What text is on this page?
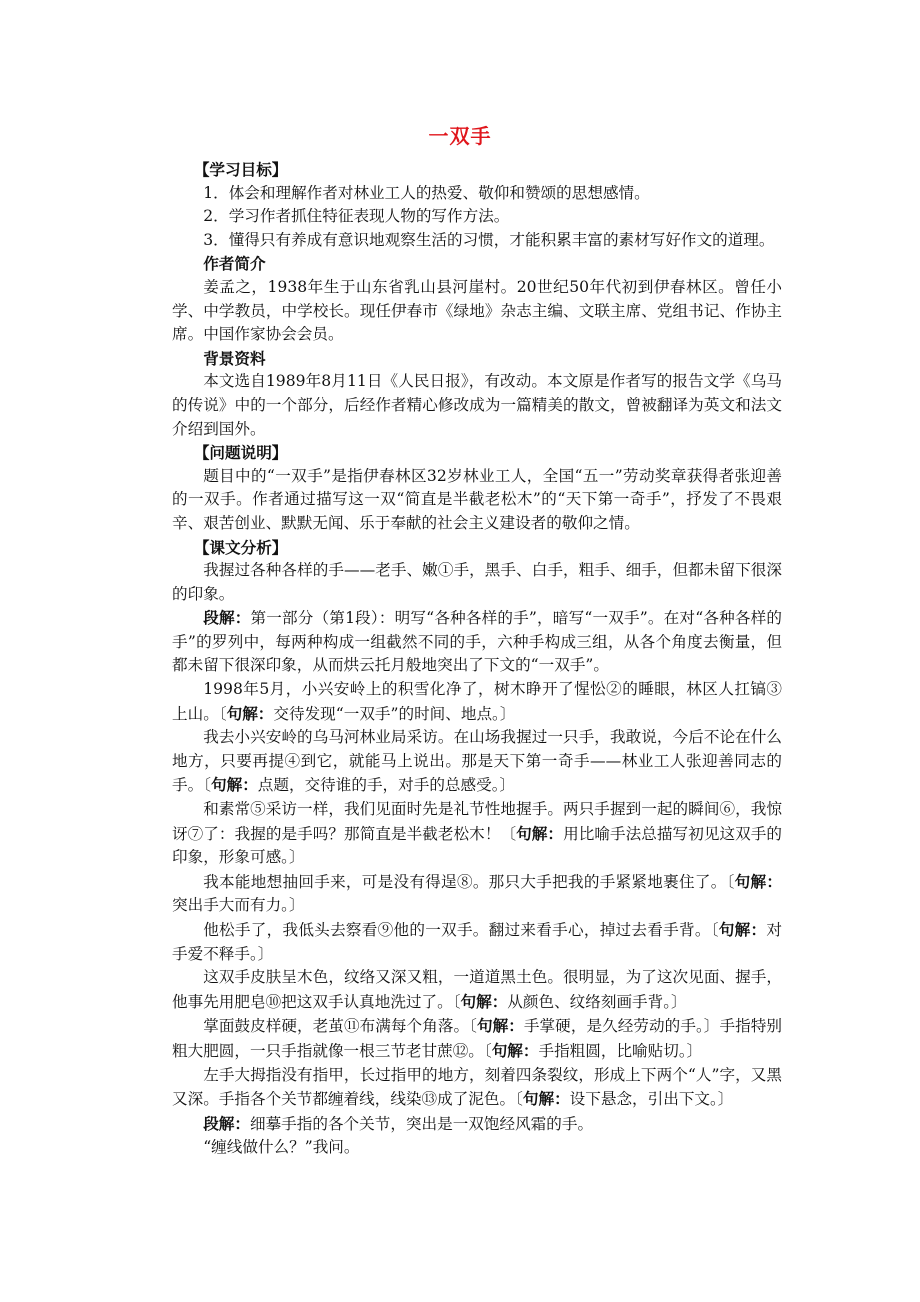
一双手

【学习目标】

1．体会和理解作者对林业工人的热爱、敬仰和赞颂的思想感情。

2．学习作者抓住特征表现人物的写作方法。

3．懂得只有养成有意识地观察生活的习惯，才能积累丰富的素材写好作文的道理。

作者简介

姜孟之，1938年生于山东省乳山县河崖村。20世纪50年代初到伊春林区。曾任小学、中学教员，中学校长。现任伊春市《绿地》杂志主编、文联主席、党组书记、作协主席。中国作家协会会员。

背景资料

本文选自1989年8月11日《人民日报》，有改动。本文原是作者写的报告文学《乌马的传说》中的一个部分，后经作者精心修改成为一篇精美的散文，曾被翻译为英文和法文介绍到国外。

【问题说明】

题目中的“一双手”是指伊春林区32岁林业工人，全国“五一”劳动奖章获得者张迎善的一双手。作者通过描写这一双“简直是半截老松木”的“天下第一奇手”，抒发了不畏艰辛、艰苦创业、默默无闻、乐于奉献的社会主义建设者的敬仰之情。

【课文分析】

我握过各种各样的手——老手、嫩①手，黑手、白手，粗手、细手，但都未留下很深的印象。

段解：第一部分（第1段）：明写“各种各样的手”，暗写“一双手”。在对“各种各样的手”的罗列中，每两种构成一组截然不同的手，六种手构成三组，从各个角度去衡量，但都未留下很深印象，从而烘云托月般地突出了下文的“一双手”。

1998年5月，小兴安岭上的积雪化净了，树木睁开了惺忪②的睡眼，林区人扛镐③上山。〔句解：交待发现“一双手”的时间、地点。〕

我去小兴安岭的乌马河林业局采访。在山场我握过一只手，我敢说，今后不论在什么地方，只要再提④到它，就能马上说出。那是天下第一奇手——林业工人张迎善同志的手。〔句解：点题，交待谁的手，对手的总感受。〕

和素常⑤采访一样，我们见面时先是礼节性地握手。两只手握到一起的瞬间⑥，我惊讶⑦了：我握的是手吗？那简直是半截老松木！〔句解：用比喻手法总描写初见这双手的印象，形象可感。〕

我本能地想抽回手来，可是没有得逞⑧。那只大手把我的手紧紧地裹住了。〔句解：突出手大而有力。〕

他松手了，我低头去察看⑨他的一双手。翻过来看手心，掉过去看手背。〔句解：对手爱不释手。〕

这双手皮肤呈木色，纹络又深又粗，一道道黑土色。很明显，为了这次见面、握手，他事先用肥皂⑩把这双手认真地洗过了。〔句解：从颜色、纹络刻画手背。〕

掌面鼓皮样硬，老茧⑪布满每个角落。〔句解：手掌硬，是久经劳动的手。〕手指特别粗大肥圆，一只手指就像一根三节老甘蔗⑫。〔句解：手指粗圆，比喻贴切。〕

左手大拇指没有指甲，长过指甲的地方，刻着四条裂纹，形成上下两个“人”字，又黑又深。手指各个关节都缠着线，线染⑬成了泥色。〔句解：设下悬念，引出下文。〕

段解：细摹手指的各个关节，突出是一双饱经风霜的手。

“缠线做什么？”我问。
